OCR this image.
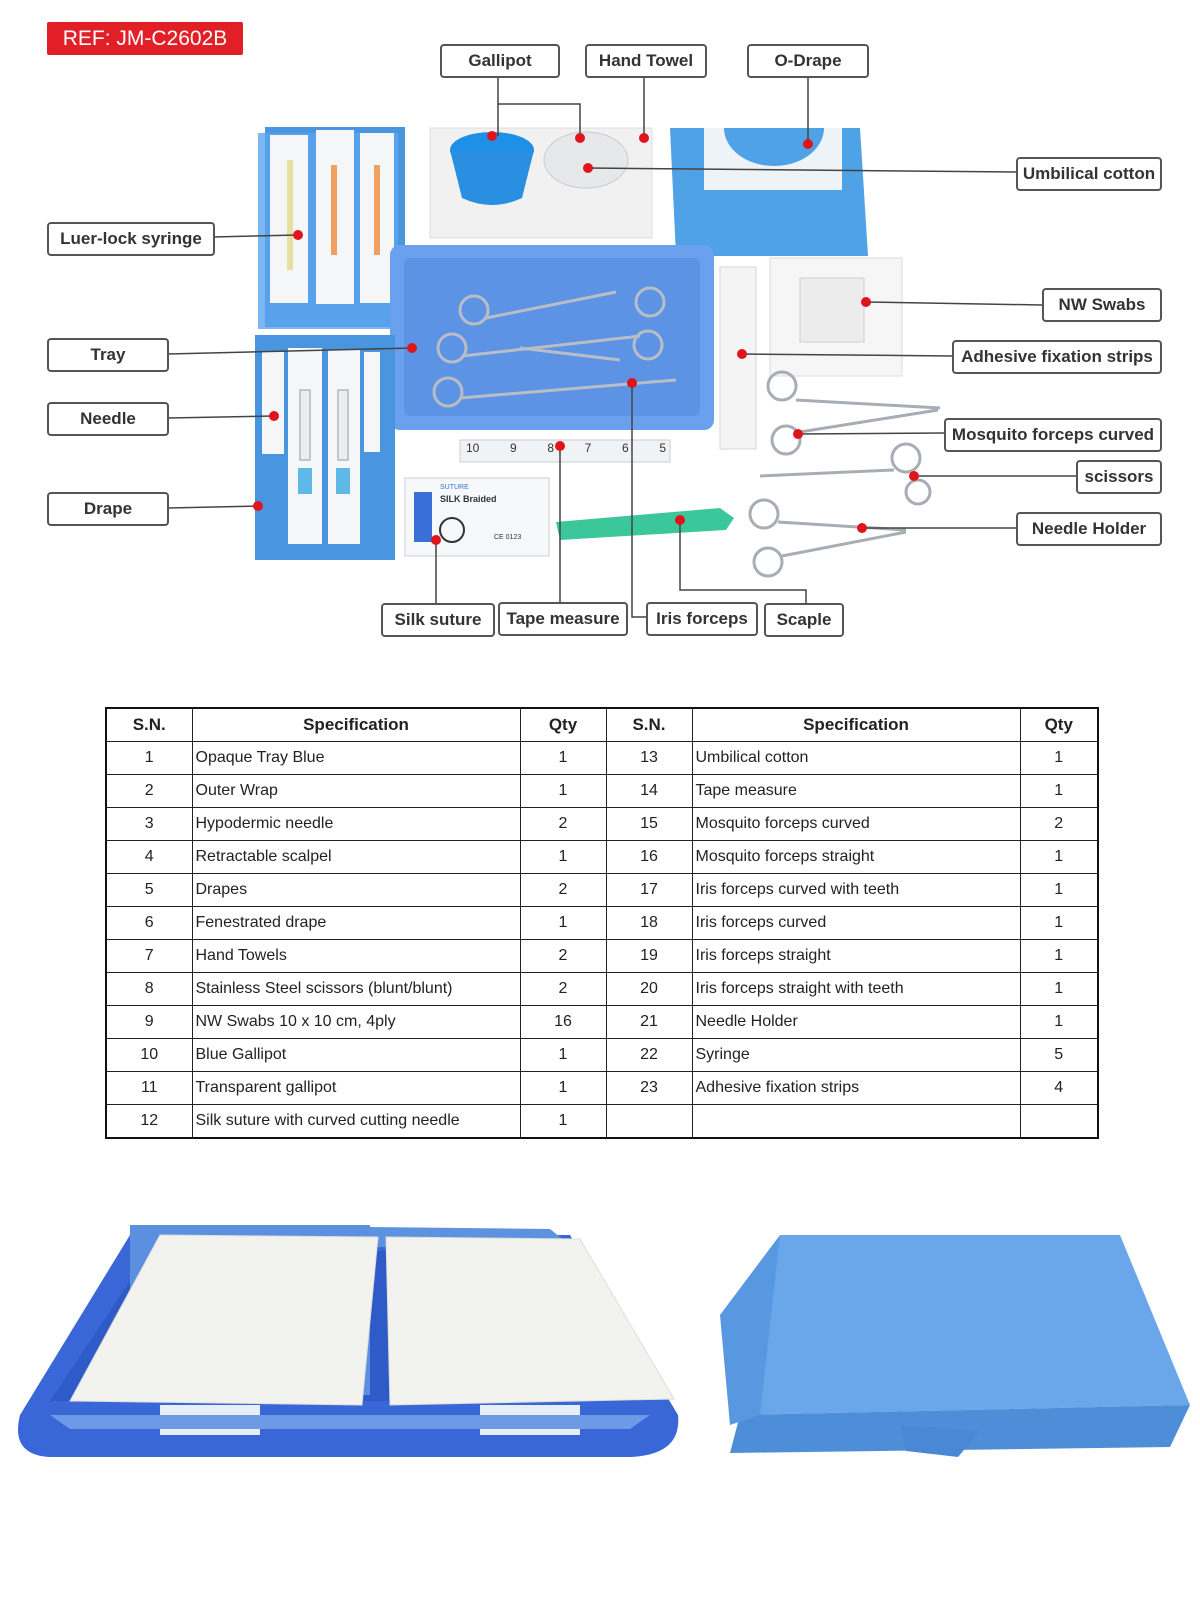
REF: JM-C2602B
SUTURE
SILK Braided
CE 0123
10	9	8	7	6	5
Gallipot	Hand Towel	O-Drape
Umbilical cotton
Luer-lock syringe
NW Swabs
Tray	Adhesive fixation strips
Needle
Mosquito forceps curved
scissors
Drape
Needle Holder
Silk suture	Tape measure	Iris forceps	Scaple
S.N.	Specification	Qty	S.N.	Specification	Qty
1	Opaque Tray Blue	1	13	Umbilical cotton	1
2	Outer Wrap	1	14	Tape measure	1
3	Hypodermic needle	2	15	Mosquito forceps curved	2
4	Retractable scalpel	1	16	Mosquito forceps straight	1
5	Drapes	2	17	Iris forceps curved with teeth	1
6	Fenestrated drape	1	18	Iris forceps curved	1
7	Hand Towels	2	19	Iris forceps straight	1
8	Stainless Steel scissors (blunt/blunt)	2	20	Iris forceps straight with teeth	1
9	NW Swabs 10 x 10 cm, 4ply	16	21	Needle Holder	1
10	Blue Gallipot	1	22	Syringe	5
11	Transparent gallipot	1	23	Adhesive fixation strips	4
12	Silk suture with curved cutting needle	1			
